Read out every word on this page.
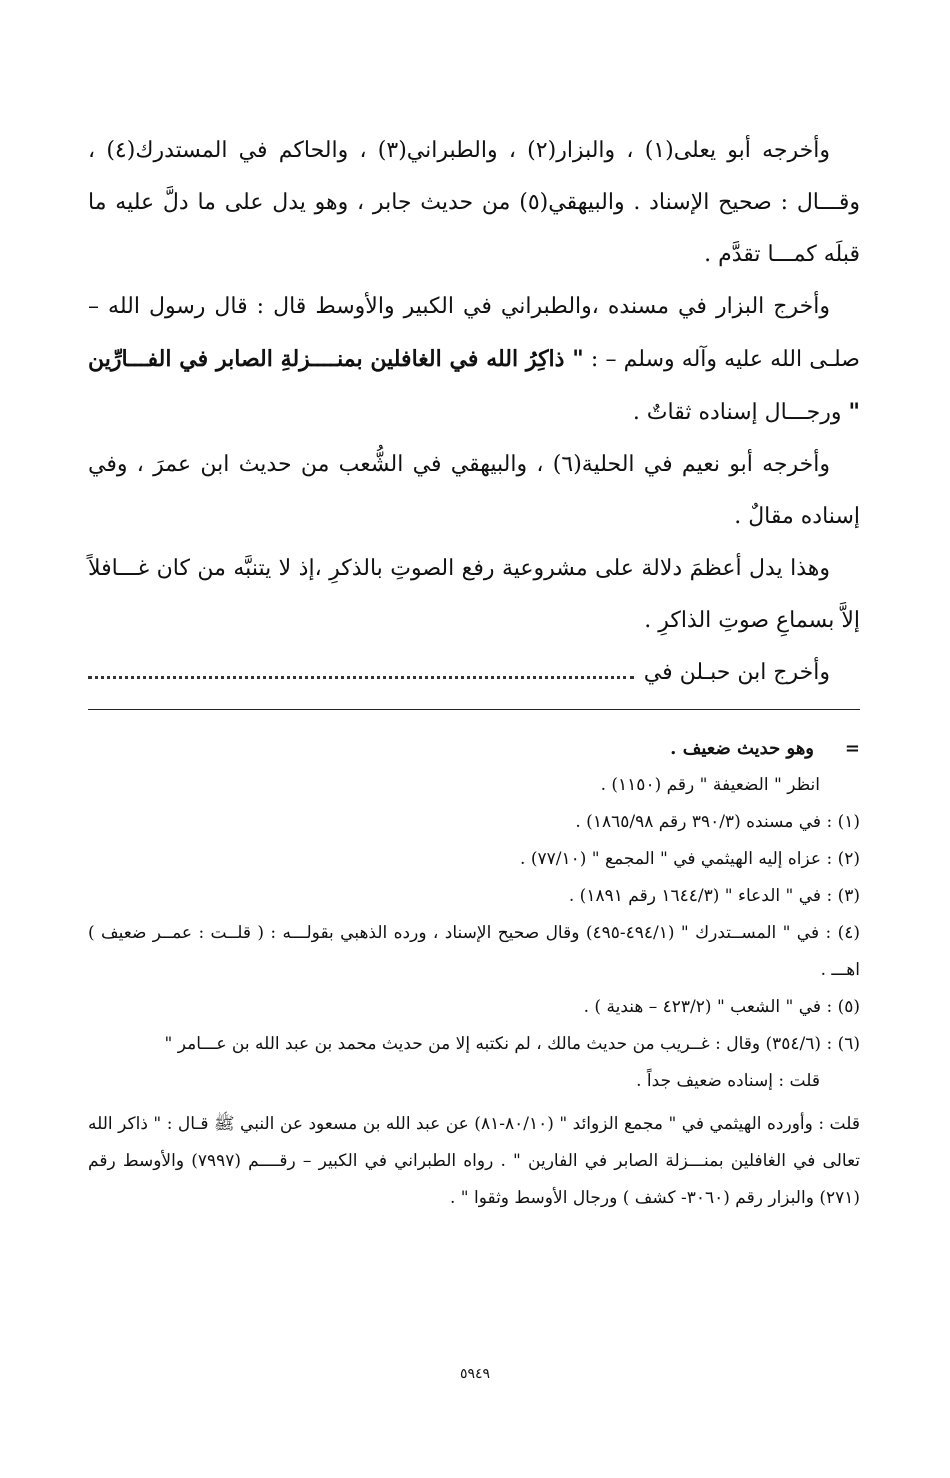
وأخرجه أبو يعلى(١) ، والبزار(٢) ، والطبراني(٣) ، والحاكم في المستدرك(٤) ، وقـــال : صحيح الإسناد . والبيهقي(٥) من حديث جابر ، وهو يدل على ما دلَّ عليه ما قبلَه كمـــا تقدَّم .

وأخرج البزار في مسنده ،والطبراني في الكبير والأوسط قال : قال رسول الله – صلـى الله عليه وآله وسلم – : " ذاكِرُ الله في الغافلين بمنــــزلةِ الصابر في الفـــارِّين " ورجـــال إسناده ثقاتٌ .

وأخرجه أبو نعيم في الحلية(٦) ، والبيهقي في الشُّعب من حديث ابن عمرَ ، وفي إسناده مقالٌ .

وهذا يدل أعظمَ دلالة على مشروعية رفع الصوتِ بالذكرِ ،إذ لا يتنبَّه من كان غـــافلاً إلاَّ بسماعِ صوتِ الذاكرِ .

وأخرج ابن حبـلن في

=وهو حديث ضعيف .

انظر " الضعيفة " رقم (١١٥٠) .

(١) : في مسنده (٣٩٠/٣ رقم ١٨٦٥/٩٨) .

(٢) : عزاه إليه الهيثمي في " المجمع " (٧٧/١٠) .

(٣) : في " الدعاء " (١٦٤٤/٣ رقم ١٨٩١) .

(٤) : في " المســتدرك " (٤٩٤/١-٤٩٥) وقال صحيح الإسناد ، ورده الذهبي بقولـــه : ( قلــت : عمــر ضعيف ) اهـــ .

(٥) : في " الشعب " (٤٢٣/٢ – هندية ) .

(٦) : (٣٥٤/٦) وقال : غــريب من حديث مالك ، لم نكتبه إلا من حديث محمد بن عبد الله بن عـــامر "

قلت : إسناده ضعيف جداً .

قلت : وأورده الهيثمي في " مجمع الزوائد " (٨٠/١٠-٨١) عن عبد الله بن مسعود عن النبي ﷺ قـال : " ذاكر الله تعالى في الغافلين بمنـــزلة الصابر في الفارين " . رواه الطبراني في الكبير – رقــــم (٧٩٩٧) والأوسط رقم (٢٧١) والبزار رقم (٣٠٦٠- كشف ) ورجال الأوسط وثقوا " .

٥٩٤٩
